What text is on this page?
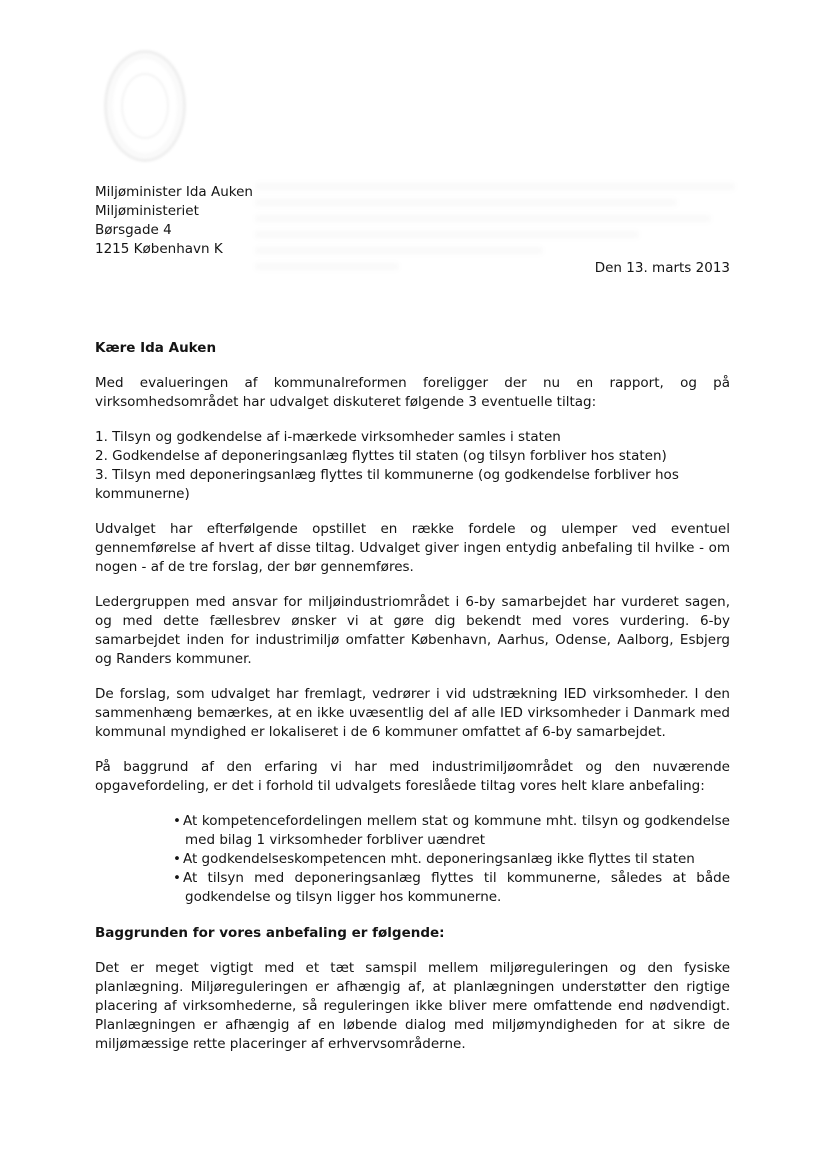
Miljøminister Ida Auken
Miljøministeriet
Børsgade 4
1215 København K
Den 13. marts 2013

Kære Ida Auken

Med evalueringen af kommunalreformen foreligger der nu en rapport, og på virksomhedsområdet har udvalget diskuteret følgende 3 eventuelle tiltag:

1. Tilsyn og godkendelse af i-mærkede virksomheder samles i staten
2. Godkendelse af deponeringsanlæg flyttes til staten (og tilsyn forbliver hos staten)
3. Tilsyn med deponeringsanlæg flyttes til kommunerne (og godkendelse forbliver hos kommunerne)

Udvalget har efterfølgende opstillet en række fordele og ulemper ved eventuel gennemførelse af hvert af disse tiltag. Udvalget giver ingen entydig anbefaling til hvilke - om nogen - af de tre forslag, der bør gennemføres.

Ledergruppen med ansvar for miljøindustriområdet i 6-by samarbejdet har vurderet sagen, og med dette fællesbrev ønsker vi at gøre dig bekendt med vores vurdering. 6-by samarbejdet inden for industrimiljø omfatter København, Aarhus, Odense, Aalborg, Esbjerg og Randers kommuner.

De forslag, som udvalget har fremlagt, vedrører i vid udstrækning IED virksomheder. I den sammenhæng bemærkes, at en ikke uvæsentlig del af alle IED virksomheder i Danmark med kommunal myndighed er lokaliseret i de 6 kommuner omfattet af 6-by samarbejdet.

På baggrund af den erfaring vi har med industrimiljøområdet og den nuværende opgavefordeling, er det i forhold til udvalgets foreslåede tiltag vores helt klare anbefaling:

• At kompetencefordelingen mellem stat og kommune mht. tilsyn og godkendelse med bilag 1 virksomheder forbliver uændret
• At godkendelseskompetencen mht. deponeringsanlæg ikke flyttes til staten
• At tilsyn med deponeringsanlæg flyttes til kommunerne, således at både godkendelse og tilsyn ligger hos kommunerne.

Baggrunden for vores anbefaling er følgende:

Det er meget vigtigt med et tæt samspil mellem miljøreguleringen og den fysiske planlægning. Miljøreguleringen er afhængig af, at planlægningen understøtter den rigtige placering af virksomhederne, så reguleringen ikke bliver mere omfattende end nødvendigt. Planlægningen er afhængig af en løbende dialog med miljømyndigheden for at sikre de miljømæssige rette placeringer af erhvervsområderne.
